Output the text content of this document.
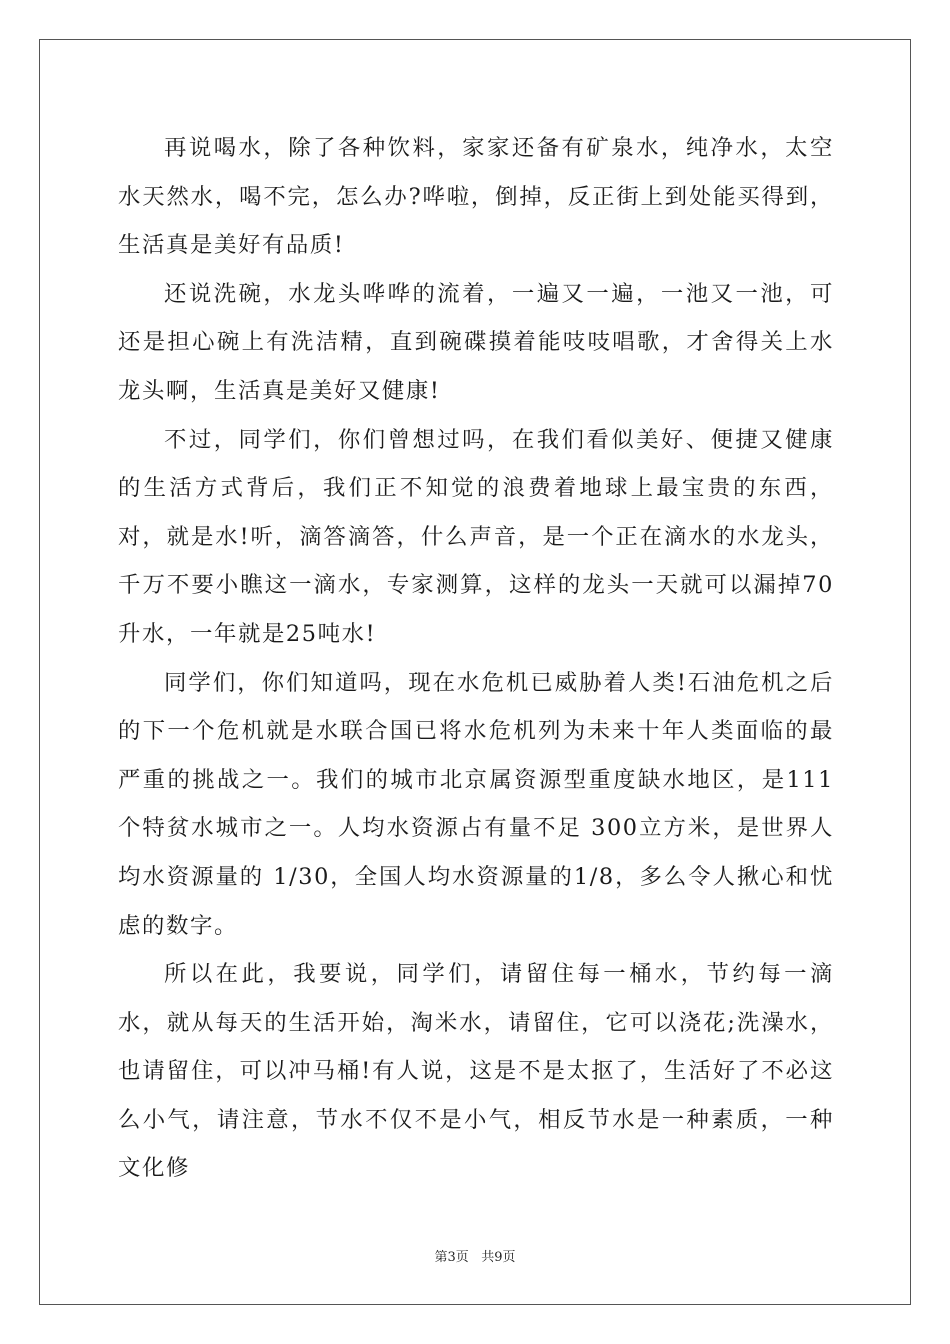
再说喝水，除了各种饮料，家家还备有矿泉水，纯净水，太空水天然水，喝不完，怎么办?哗啦，倒掉，反正街上到处能买得到，生活真是美好有品质!

还说洗碗，水龙头哗哗的流着，一遍又一遍，一池又一池，可还是担心碗上有洗洁精，直到碗碟摸着能吱吱唱歌，才舍得关上水龙头啊，生活真是美好又健康!

不过，同学们，你们曾想过吗，在我们看似美好、便捷又健康的生活方式背后，我们正不知觉的浪费着地球上最宝贵的东西，对，就是水!听，滴答滴答，什么声音，是一个正在滴水的水龙头，千万不要小瞧这一滴水，专家测算，这样的龙头一天就可以漏掉70升水，一年就是25吨水!

同学们，你们知道吗，现在水危机已威胁着人类!石油危机之后的下一个危机就是水联合国已将水危机列为未来十年人类面临的最严重的挑战之一。我们的城市北京属资源型重度缺水地区，是111个特贫水城市之一。人均水资源占有量不足 300立方米，是世界人均水资源量的 1/30，全国人均水资源量的1/8，多么令人揪心和忧虑的数字。

所以在此，我要说，同学们，请留住每一桶水，节约每一滴水，就从每天的生活开始，淘米水，请留住，它可以浇花;洗澡水，也请留住，可以冲马桶!有人说，这是不是太抠了，生活好了不必这么小气，请注意，节水不仅不是小气，相反节水是一种素质，一种文化修

第3页 共9页
